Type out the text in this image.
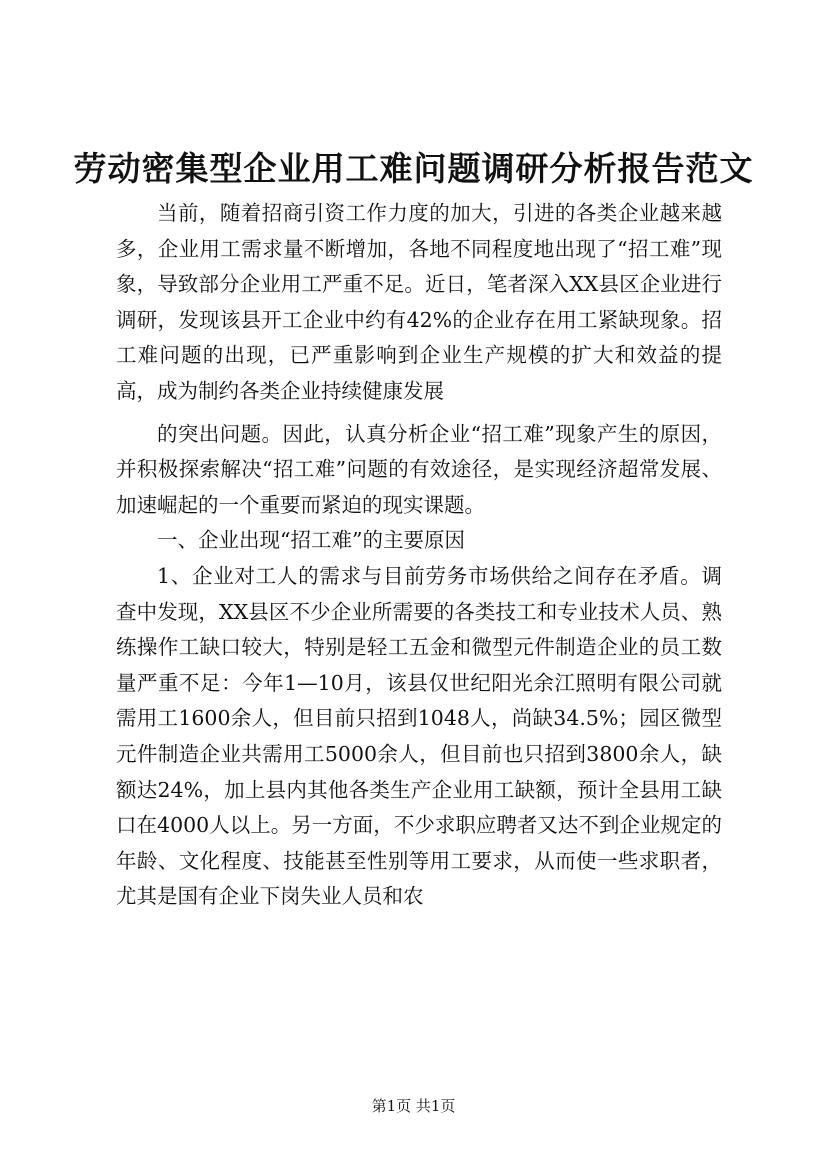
劳动密集型企业用工难问题调研分析报告范文

当前，随着招商引资工作力度的加大，引进的各类企业越来越多，企业用工需求量不断增加，各地不同程度地出现了“招工难”现象，导致部分企业用工严重不足。近日，笔者深入XX县区企业进行调研，发现该县开工企业中约有42%的企业存在用工紧缺现象。招工难问题的出现，已严重影响到企业生产规模的扩大和效益的提高，成为制约各类企业持续健康发展

的突出问题。因此，认真分析企业“招工难”现象产生的原因，并积极探索解决“招工难”问题的有效途径，是实现经济超常发展、加速崛起的一个重要而紧迫的现实课题。

一、企业出现“招工难”的主要原因

1、企业对工人的需求与目前劳务市场供给之间存在矛盾。调查中发现，XX县区不少企业所需要的各类技工和专业技术人员、熟练操作工缺口较大，特别是轻工五金和微型元件制造企业的员工数量严重不足：今年1—10月，该县仅世纪阳光余江照明有限公司就需用工1600余人，但目前只招到1048人，尚缺34.5%；园区微型元件制造企业共需用工5000余人，但目前也只招到3800余人，缺额达24%，加上县内其他各类生产企业用工缺额，预计全县用工缺口在4000人以上。另一方面，不少求职应聘者又达不到企业规定的年龄、文化程度、技能甚至性别等用工要求，从而使一些求职者，尤其是国有企业下岗失业人员和农

第1页 共1页
